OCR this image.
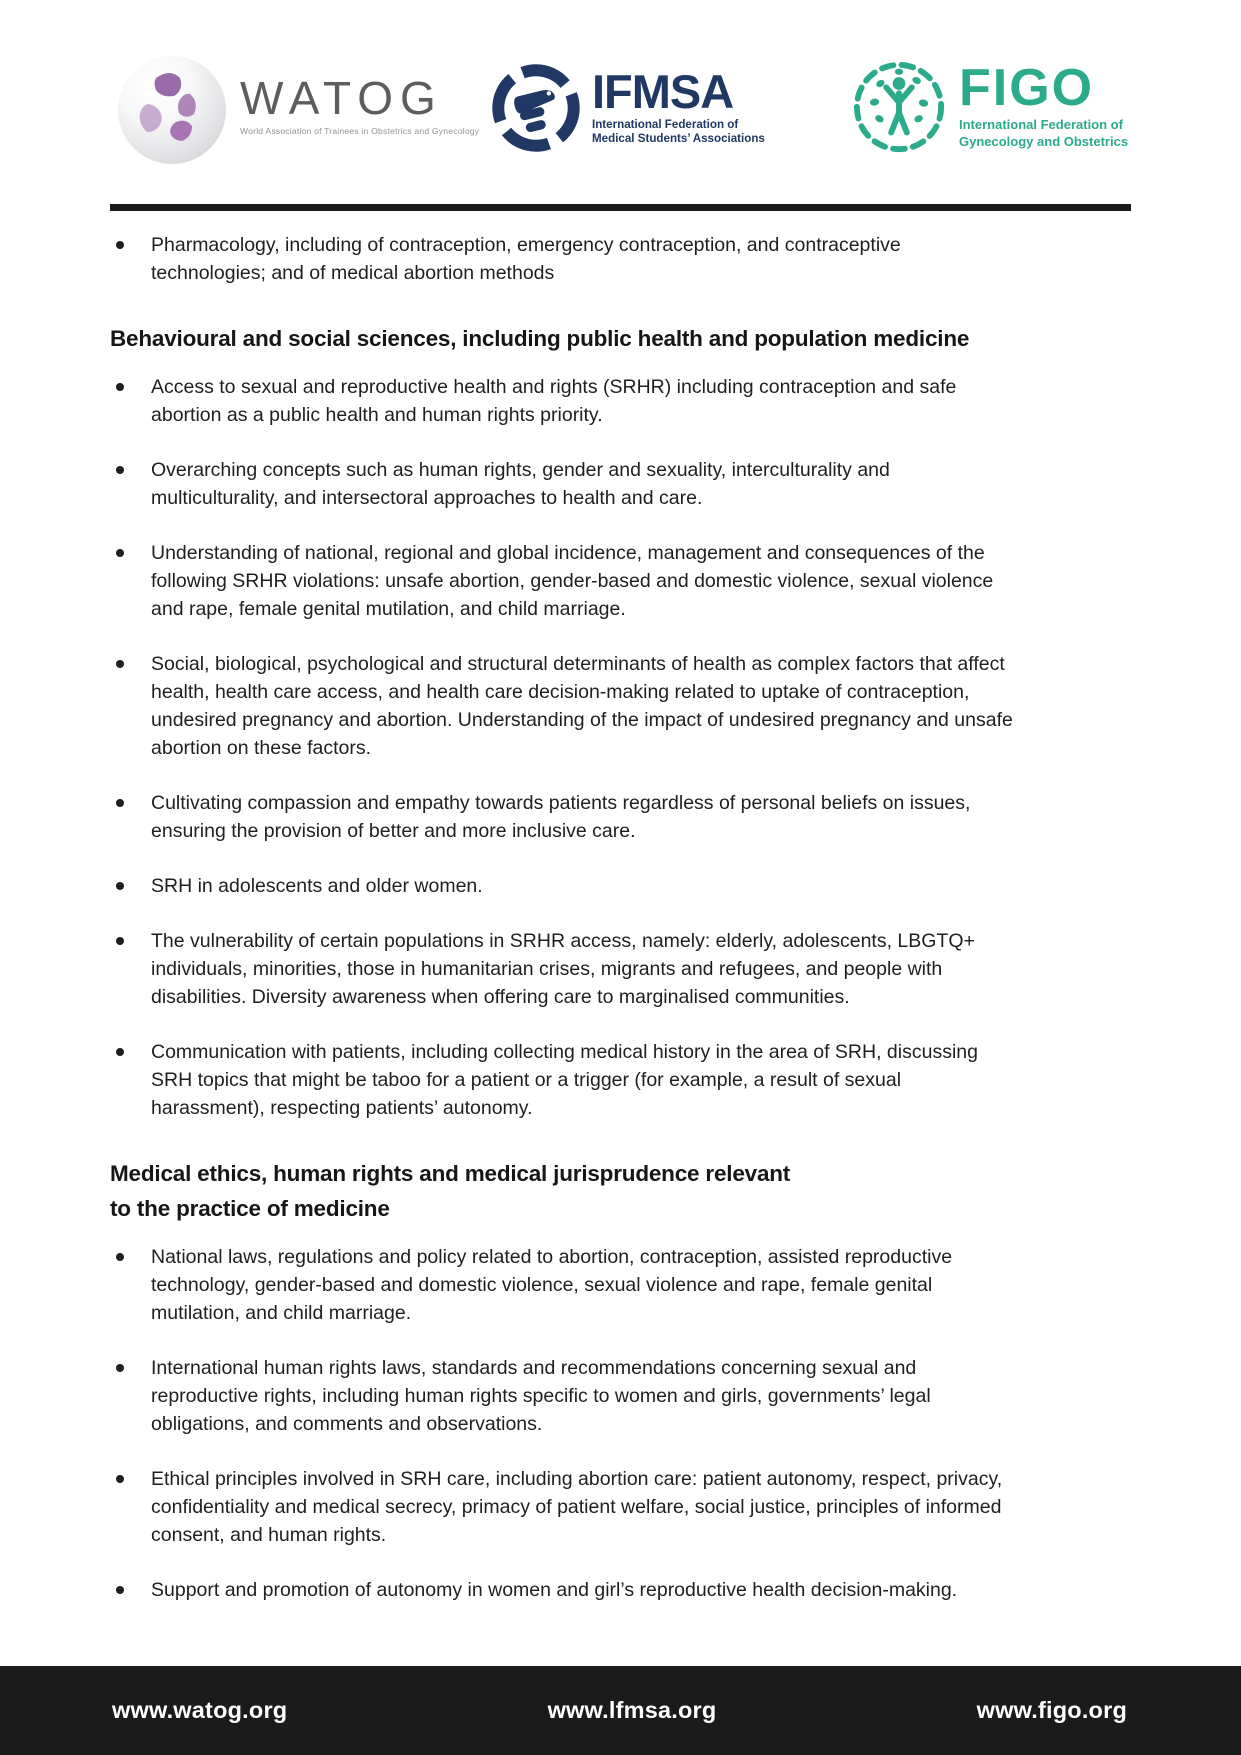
WATOG
World Association of Trainees in Obstetrics and Gynecology
IFMSA
International Federation of
Medical Students’ Associations
FIGO
International Federation of
Gynecology and Obstetrics
Pharmacology, including of contraception, emergency contraception, and contraceptive technologies; and of medical abortion methods
Behavioural and social sciences, including public health and population medicine
Access to sexual and reproductive health and rights (SRHR) including contraception and safe abortion as a public health and human rights priority.
Overarching concepts such as human rights, gender and sexuality, interculturality and multiculturality, and intersectoral approaches to health and care.
Understanding of national, regional and global incidence, management and consequences of the following SRHR violations: unsafe abortion, gender-based and domestic violence, sexual violence and rape, female genital mutilation, and child marriage.
Social, biological, psychological and structural determinants of health as complex factors that affect health, health care access, and health care decision-making related to uptake of contraception, undesired pregnancy and abortion. Understanding of the impact of undesired pregnancy and unsafe abortion on these factors.
Cultivating compassion and empathy towards patients regardless of personal beliefs on issues, ensuring the provision of better and more inclusive care.
SRH in adolescents and older women.
The vulnerability of certain populations in SRHR access, namely: elderly, adolescents, LBGTQ+ individuals, minorities, those in humanitarian crises, migrants and refugees, and people with disabilities. Diversity awareness when offering care to marginalised communities.
Communication with patients, including collecting medical history in the area of SRH, discussing SRH topics that might be taboo for a patient or a trigger (for example, a result of sexual harassment), respecting patients’ autonomy.
Medical ethics, human rights and medical jurisprudence relevant
to the practice of medicine
National laws, regulations and policy related to abortion, contraception, assisted reproductive technology, gender-based and domestic violence, sexual violence and rape, female genital mutilation, and child marriage.
International human rights laws, standards and recommendations concerning sexual and reproductive rights, including human rights specific to women and girls, governments’ legal obligations, and comments and observations.
Ethical principles involved in SRH care, including abortion care: patient autonomy, respect, privacy, confidentiality and medical secrecy, primacy of patient welfare, social justice, principles of informed consent, and human rights.
Support and promotion of autonomy in women and girl’s reproductive health decision-making.
www.watog.org	www.lfmsa.org	www.figo.org
